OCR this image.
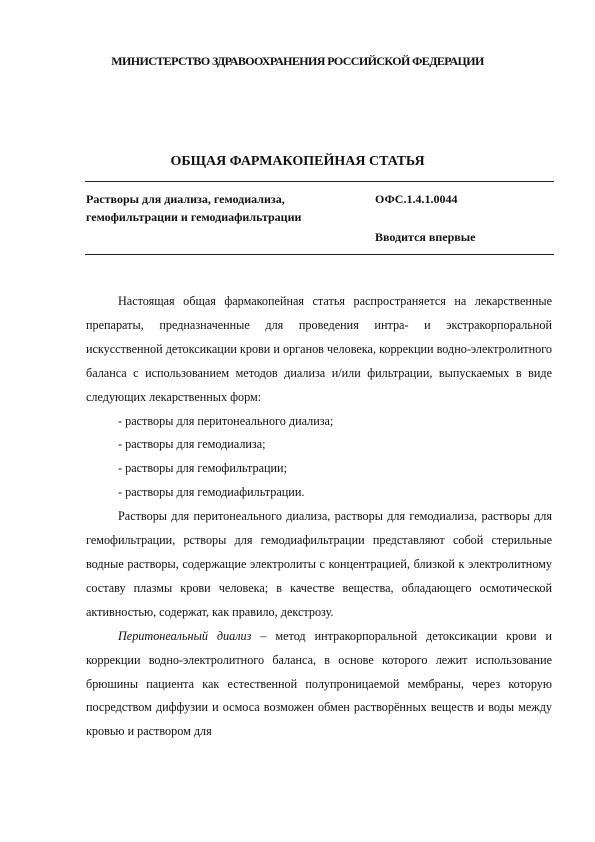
МИНИСТЕРСТВО ЗДРАВООХРАНЕНИЯ РОССИЙСКОЙ ФЕДЕРАЦИИ
ОБЩАЯ ФАРМАКОПЕЙНАЯ СТАТЬЯ
Растворы для диализа, гемодиализа,
гемофильтрации и гемодиафильтрации
ОФС.1.4.1.0044
Вводится впервые

Настоящая общая фармакопейная статья распространяется на лекарственные препараты, предназначенные для проведения интра- и экстракорпоральной искусственной детоксикации крови и органов человека, коррекции водно-электролитного баланса с использованием методов диализа и/или фильтрации, выпускаемых в виде следующих лекарственных форм:

- растворы для перитонеального диализа;

- растворы для гемодиализа;

- растворы для гемофильтрации;

- растворы для гемодиафильтрации.

Растворы для перитонеального диализа, растворы для гемодиализа, растворы для гемофильтрации, рстворы для гемодиафильтрации представляют собой стерильные водные растворы, содержащие электролиты с концентрацией, близкой к электролитному составу плазмы крови человека; в качестве вещества, обладающего осмотической активностью, содержат, как правило, декстрозу.

Перитонеальный диализ – метод интракорпоральной детоксикации крови и коррекции водно-электролитного баланса, в основе которого лежит использование брюшины пациента как естественной полупроницаемой мембраны, через которую посредством диффузии и осмоса возможен обмен растворённых веществ и воды между кровью и раствором для
